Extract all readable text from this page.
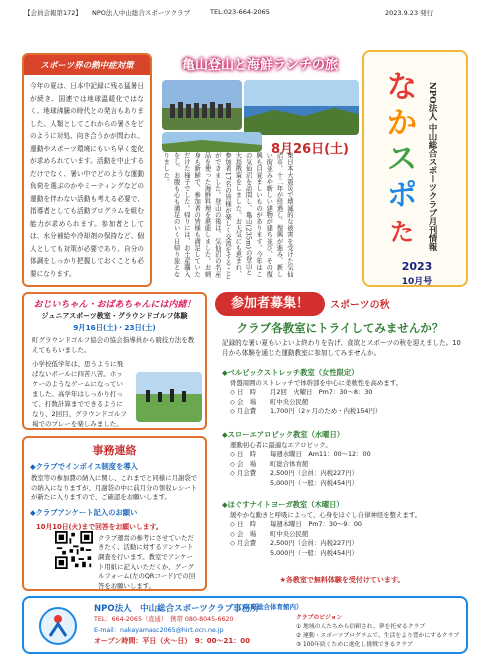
【会員会報第172】 NPO法人中山総合スポーツクラブ	TEL:023-664-2065	2023.9.23 発行
スポーツ界の熱中症対策
今年の夏は、日本中記録に残る猛暑日が続き、国連では地球温暖化ではなく、地球沸騰の時代との発言もありました。人類としてこれからの暑さをどのように対処、向き合うかが問われ、運動やスポーツ環境にもいち早く変化が求められています。活動を中止するだけでなく、暑い中でどのような運動負荷を選ぶのかやミーティングなどの運動を伴わない活動も考える必要で、指導者としても活動プログラムを組む能力が求められます。参加者としては、水分補給や冷却剤の保持など、個人としても対策が必要であり、自分の体調をしっかり把握しておくことも必要になります。
亀山登山と海鮮ランチの旅
8月26日(土)
東日本大震災で壊滅的な被害を受けた気仙沼市。十二年が経過し、復興が進み、新しい街並みや新しい建物が建ち並び、その復興も目覚ましいものがあります。今年はこの気仙沼を訪問し、亀山(235m)の登山と大島散策をしました。お天気にも恵まれ、参加者17名の皆様が楽しく交流をすることができました。登山の後は、気仙沼の名産品を使った海鮮料理を堪能しました。お刺身も新鮮で、参加者の皆様も満足していただけた様子でした。帰りには、お土産購入をし、お腹も心も満足のいく日帰り旅となりました。
な
か
ス
ポ
た	NPO法人 中山総合スポーツクラブ月刊情報
2023
10月号
おじいちゃん・おばあちゃんには内緒！
ジュニアスポーツ教室・グラウンドゴルフ体験
9月16日(土)・23日(土)
町グラウンドゴルフ協会の協会指導員から競技方法を教えてもらいました。
小学校低学年は、思うように飛ばないボールに四苦八苦。ホッケーのようなゲームになっていました。高学年はしっかり打って、打数計算までできるようになり、2回目、グラウンドゴルフ場でのプレーを楽しみました。
事務連絡
◆クラブでインボイス制度を導入
教室等の参加費の納入に関し、これまでと同様に月謝袋での納入になりますが、月謝袋の中に前月分の領収レシートが新たに入りますので、ご確認をお願いします。
◆クラブアンケート記入のお願い
10月10日(火)まで回答をお願いします。
クラブ運営の参考にさせていただきたく、活動に対するアンケート調査を行います。教室でアンケート用紙に記入いただくか、グーグルフォーム(左のQRコード)での回答をお願いします。
参加者募集！	スポーツの秋
クラブ各教室にトライしてみませんか？
記録的な暑い夏もいよいよ終わりを告げ、食欲とスポーツの秋を迎えました。10月から体験を通じた運動教室に参加してみませんか。
◆ベルビックストレッチ教室（女性限定）
骨盤周囲のストレッチで体幹部を中心に柔軟性を高めます。
◇ 日　時	月2回　火曜日　Pm7：30～8：30
◇ 会　場	町中央公民館
◇ 月会費	1,700円（2ヶ月のため・内税154円）
◆スローエアロビック教室（水曜日）
運動初心者に最適なエアロビック。
◇ 日　時	毎週水曜日　Am11：00～12：00
◇ 会　場	町総合体育館
◇ 月会費	2,500円（会員：内税227円）
5,000円（一般：内税454円）
◆ほぐすナイトヨーガ教室（木曜日）
緩やかな動きと呼吸によって、心身をほぐし自律神経を整えます。
◇ 日　時	毎週木曜日　Pm7：30～9：00
◇ 会　場	町中央公民館
◇ 月会費	2,500円（会員：内税227円）
5,000円（一般：内税454円）
★各教室で無料体験を受付けています。
NPO法人　中山総合スポーツクラブ事務所
（町総合体育館内）
TEL：664-2065（直通）　携帯 080-8045-6620
E-mail：nakayamasc2065@hirt.ocn.ne.jp
オープン時間：平日（火～日）　9：00～21：00
クラブのビジョン
① 地域の人たちから信頼され、夢を托せるクラブ
② 運動・スポーツプログラムで、生活をより豊かにするクラブ
③ 100年続くために進化し挑戦できるクラブ
